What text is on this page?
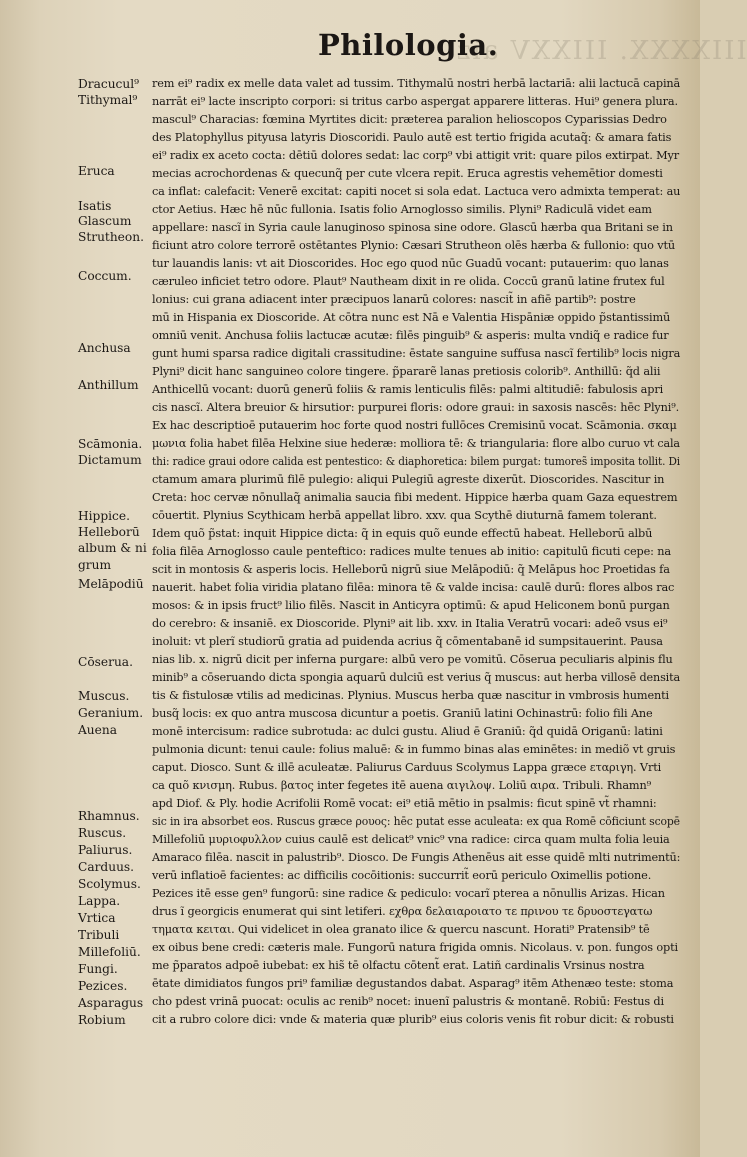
IIIXXXX. IIIXXV aiz
Philologia.
Dracucul⁹
Tithymal⁹
Eruca
Isatis
Glascum
Strutheon.
Coccum.
Anchusa
Anthillum
Scāmonia.
Dictamum
Hippice.
Helleborū
album & ni
grum
Melāpodiū
Cōserua.
Muscus.
Geranium.
Auena
Rhamnus.
Ruscus.
Paliurus.
Carduus.
Scolymus.
Lappa.
Vrtica
Tribuli
Millefoliū.
Fungi.
Pezices.
Asparagus
Robium
rem ei⁹ radix ex melle data valet ad tussim. Tithymalū nostri herbā lactariā: alii lactucā capinā
narrāt ei⁹ lacte inscripto corpori: si tritus carbo aspergat apparere litteras. Hui⁹ genera plura.
mascul⁹ Characias: fœmina Myrtites dicit: præterea paralion helioscopos Cyparissias Dedro
des Platophyllus pityusa latyris Dioscoridi. Paulo autē est tertio frigida acutaq̃: & amara fatis
ei⁹ radix ex aceto cocta: dētiū dolores sedat: lac corp⁹ vbi attigit vrit: quare pilos extirpat. Myr
mecias acrochordenas & quecunq̃ per cute vlcera repit. Eruca agrestis vehemētior domesti
ca inflat: calefacit: Venerē excitat: capiti nocet si sola edat. Lactuca vero admixta temperat: au
ctor Aetius. Hæc hē nūc fullonia. Isatis folio Arnoglosso similis. Plyni⁹ Radiculā videt eam
appellare: nascĩ in Syria caule lanuginoso spinosa sine odore. Glascū hærba qua Britani se in
ficiunt atro colore terrorē ostētantes Plynio: Cæsari Strutheon olēs hærba & fullonio: quo vtū
tur lauandis lanis: vt ait Dioscorides. Hoc ego quod nūc Guadū vocant: putauerim: quo lanas
cæruleo inficiet tetro odore. Plaut⁹ Nautheam dixit in re olida. Coccū granū latine frutex ful
lonius: cui grana adiacent inter præcipuos lanarū colores: nascit̃ in afiē partib⁹: postre
mū in Hispania ex Dioscoride. At cōtra nunc est Nā e Valentia Hispāniæ oppido p̃stantissimū
omniū venit. Anchusa foliis lactucæ acutæ: filēs pinguib⁹ & asperis: multa vndiq̃ e radice fur
gunt humi sparsa radice digitali crassitudine: ēstate sanguine suffusa nascĩ fertilib⁹ locis nigra
Plyni⁹ dicit hanc sanguineo colore tingere. p̃pararẽ lanas pretiosis colorib⁹. Anthillū: q̃d alii
Anthicellū vocant: duorū generū foliis & ramis lenticulis filēs: palmi altitudiē: fabulosis apri
cis nascĩ. Altera breuior & hirsutior: purpurei floris: odore graui: in saxosis nascēs: hēc Plyni⁹.
Ex hac descriptioē putauerim hoc forte quod nostri fullōces Cremisinū vocat. Scāmonia. σκαμ
μωνια folia habet filēa Helxine siue hederæ: molliora tē: & triangularia: flore albo curuo vt cala
thi: radice graui odore calida est pentestico: & diaphoretica: bilem purgat: tumores̃ imposita tollit. Di
ctamum amara plurimū filē pulegio: aliqui Pulegiū agreste dixerūt. Dioscorides. Nascitur in
Creta: hoc cervæ nōnullaq̃ animalia saucia fibi medent. Hippice hærba quam Gaza equestrem
cōuertit. Plynius Scythicam herbā appellat libro. xxv. qua Scythē diuturnā famem tolerant.
Idem quõ p̃stat: inquit Hippice dicta: q̃ in equis quõ eunde effectū habeat. Helleborū albū
folia filēa Arnoglosso caule penteftico: radices multe tenues ab initio: capitulū ficuti cepe: na
scit in montosis & asperis locis. Helleborū nigrū siue Melāpodiū: q̃ Melāpus hoc Proetidas fa
nauerit. habet folia viridia platano filēa: minora tē & valde incisa: caulē durū: flores albos rac
mosos: & in ipsis fruct⁹ lilio filēs. Nascit in Anticyra optimū: & apud Heliconem bonū purgan
do cerebro: & insaniē. ex Dioscoride. Plyni⁹ ait lib. xxv. in Italia Veratrū vocari: adeõ vsus ei⁹
inoluit: vt plerĩ studiorū gratia ad puidenda acrius q̃ cōmentabanē id sumpsitauerint. Pausa
nias lib. x. nigrū dicit per inferna purgare: albū vero pe vomitū. Cōserua peculiaris alpinis flu
minib⁹ a cōseruando dicta spongia aquarū dulciū est verius q̃ muscus: aut herba villosē densita
tis & fistulosæ vtilis ad medicinas. Plynius. Muscus herba quæ nascitur in vmbrosis humenti
busq̃ locis: ex quo antra muscosa dicuntur a poetis. Graniū latini Ochinastrū: folio fili Ane
monē intercisum: radice subrotuda: ac dulci gustu. Aliud ē Graniū: q̃d quidā Origanū: latini
pulmonia dicunt: tenui caule: folius maluē: & in fummo binas alas eminētes: in mediõ vt gruis
caput. Diosco. Sunt & illē aculeatæ. Paliurus Carduus Scolymus Lappa græce εταριγη. Vrti
ca quõ κνισμη. Rubus. βατος inter fegetes itē auena αιγιλοψ. Loliū αιρα. Tribuli. Rhamn⁹
apd Diof. & Ply. hodie Acrifolii Romē vocat: ei⁹ etiā mētio in psalmis: ficut spinē vt̃ rhamni:
sic in ira absorbet eos. Ruscus græce ρουος: hēc putat esse aculeata: ex qua Romē cōficiunt scopē
Millefoliū μυριοφυλλον cuius caulē est delicat⁹ vnic⁹ vna radice: circa quam multa folia leuia
Amaraco filēa. nascit in palustrib⁹. Diosco. De Fungis Athenēus ait esse quidē mlti nutrimentū:
verū inflatioē facientes: ac difficilis cocōitionis: succurrit̃ eorū periculo Oximellis potione.
Pezices itē esse gen⁹ fungorū: sine radice & pediculo: vocarĩ pterea a nōnullis Arizas. Hican
drus ĩ georgicis enumerat qui sint letiferi. εχθρα δελαιαροιατο τε πρινου τε δρυοστεγατω
τηματα κειται. Qui videlicet in olea granato ilice & quercu nascunt. Horati⁹ Pratensib⁹ tē
ex oibus bene credi: cæteris male. Fungorū natura frigida omnis. Nicolaus. v. pon. fungos opti
me p̃paratos adpoē iubebat: ex his̃ tē olfactu cōtent̃ erat. Latiñ cardinalis Vrsinus nostra
ētate dimidiatos fungos pri⁹ familiæ degustandos dabat. Asparag⁹ itēm Athenæo teste: stoma
cho pdest vrinā puocat: oculis ac renib⁹ nocet: inuenĩ palustris & montanē. Robiū: Festus di
cit a rubro colore dici: vnde & materia quæ plurib⁹ eius coloris venis fit robur dicit: & robusti
